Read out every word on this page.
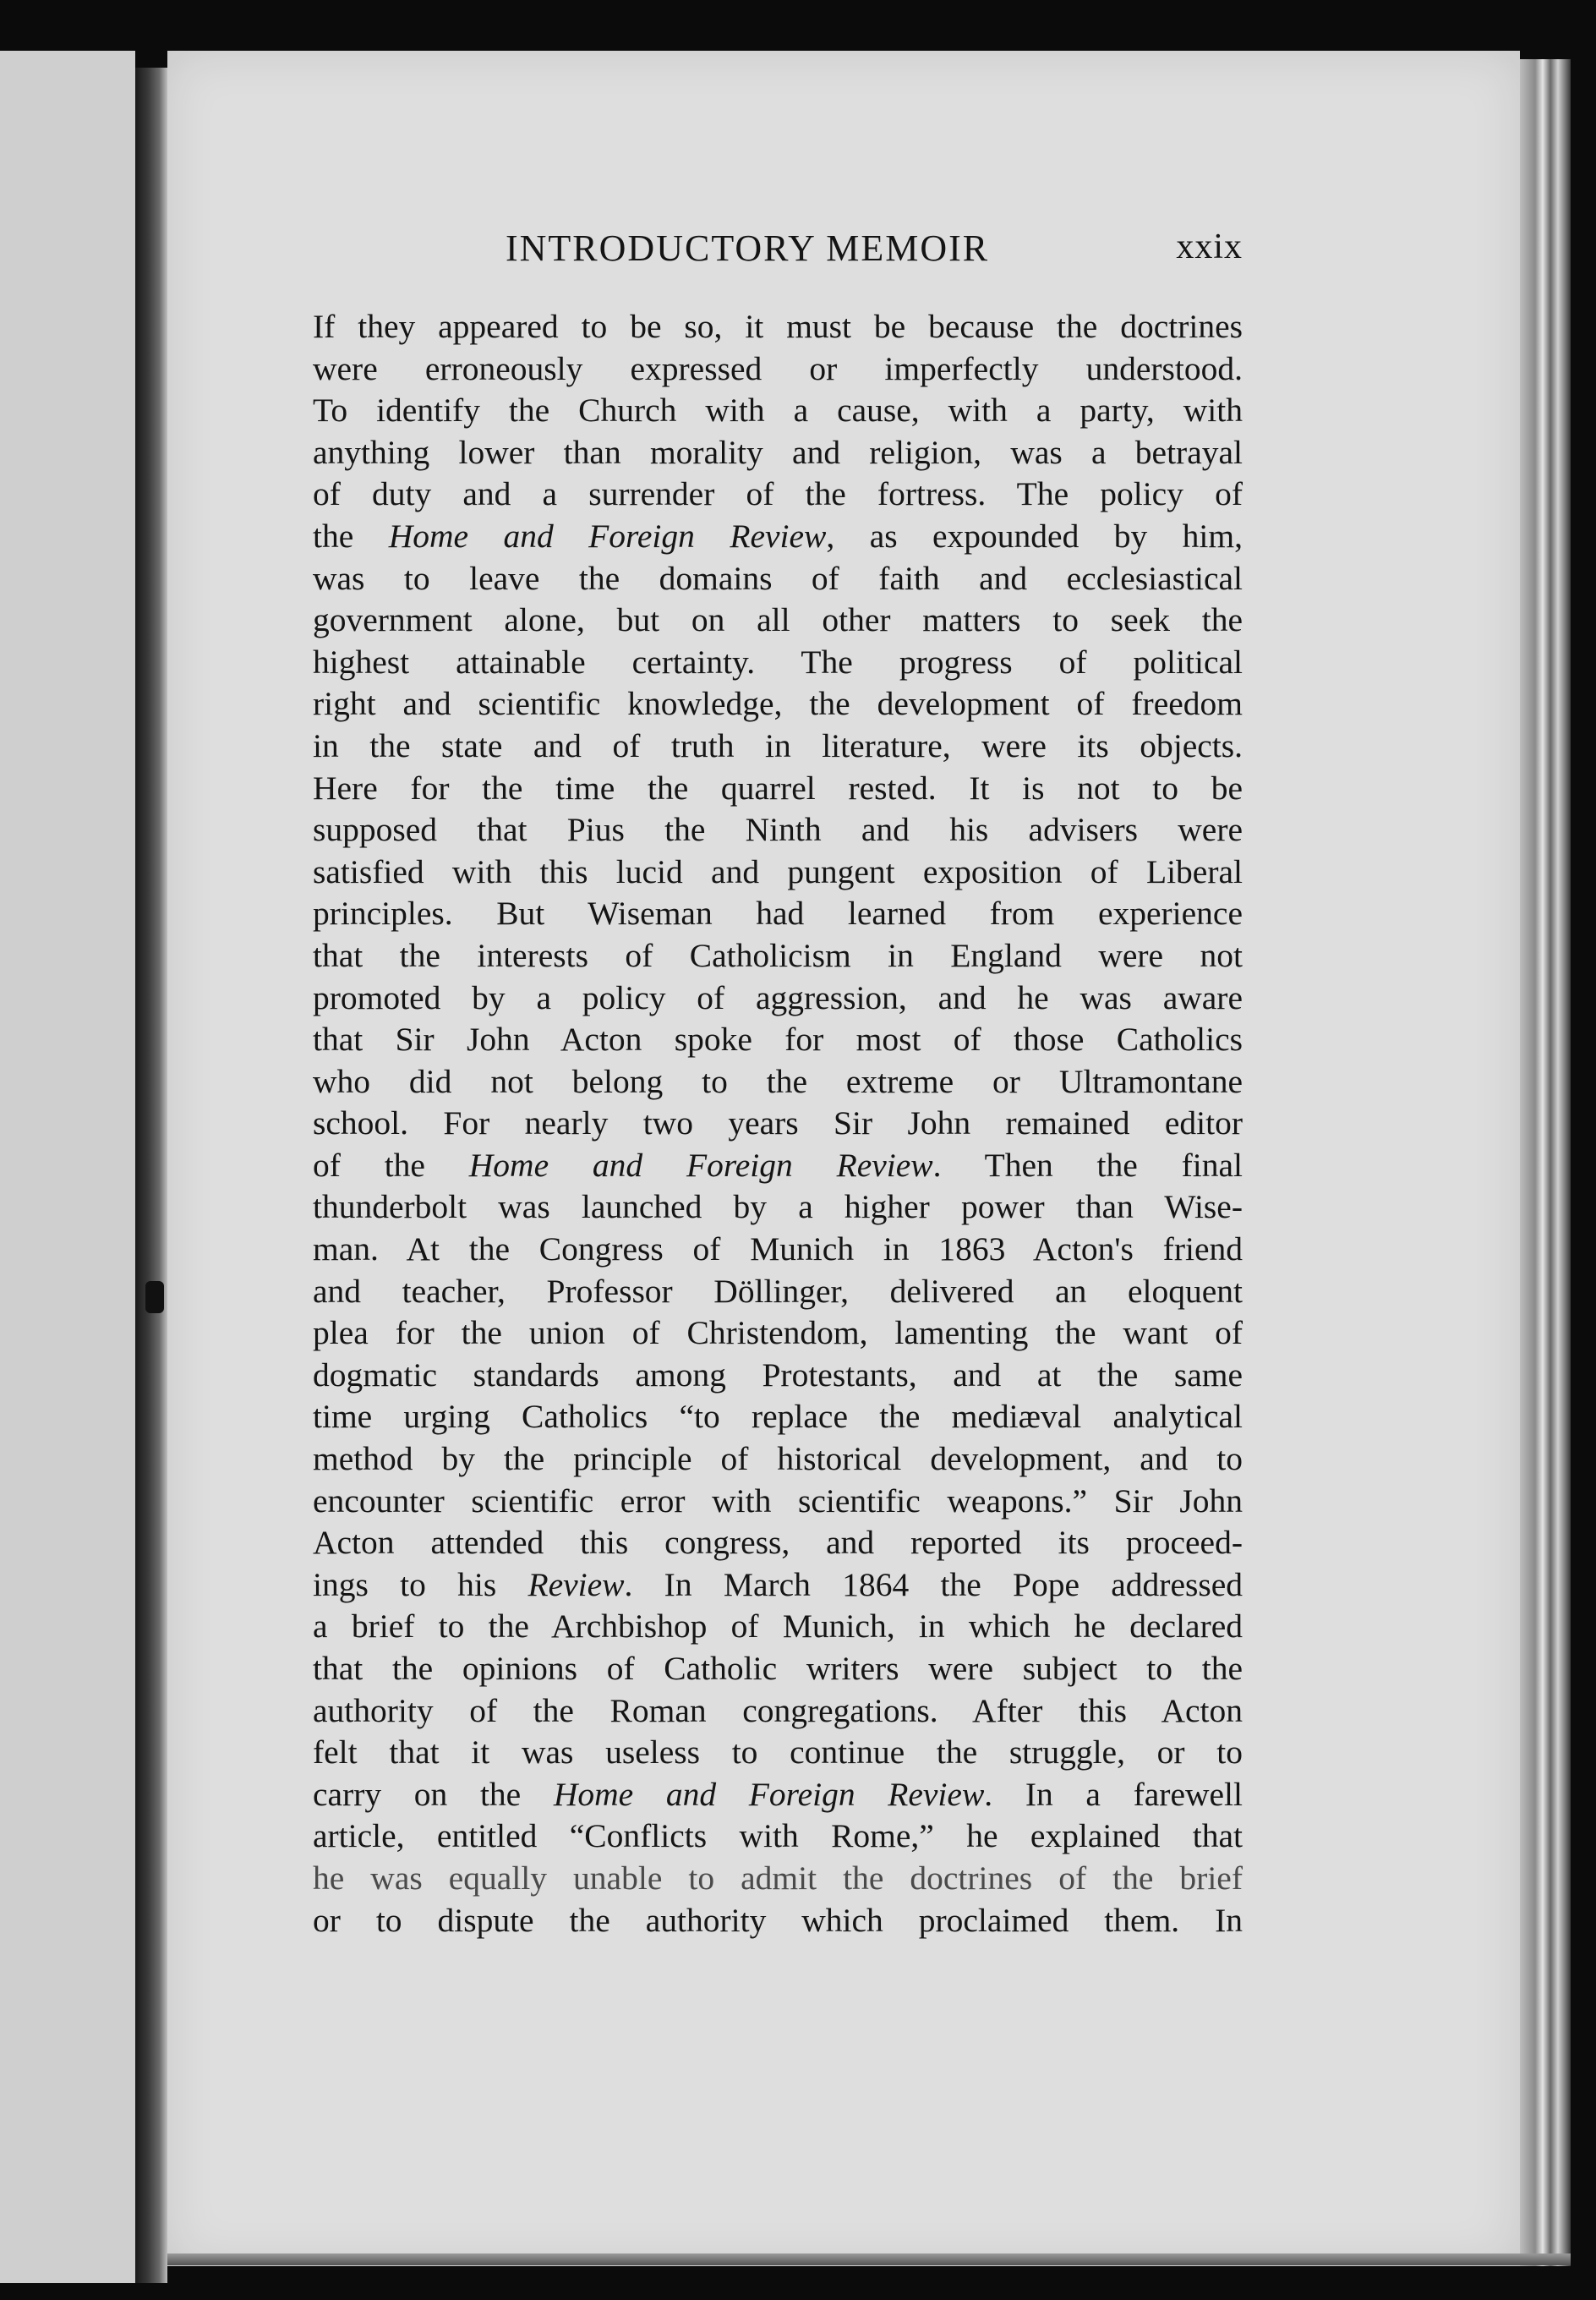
INTRODUCTORY MEMOIR	xxix
If they appeared to be so, it must be because the doctrines
were erroneously expressed or imperfectly understood.
To identify the Church with a cause, with a party, with
anything lower than morality and religion, was a betrayal
of duty and a surrender of the fortress. The policy of
the Home and Foreign Review, as expounded by him,
was to leave the domains of faith and ecclesiastical
government alone, but on all other matters to seek the
highest attainable certainty. The progress of political
right and scientific knowledge, the development of freedom
in the state and of truth in literature, were its objects.
Here for the time the quarrel rested. It is not to be
supposed that Pius the Ninth and his advisers were
satisfied with this lucid and pungent exposition of Liberal
principles. But Wiseman had learned from experience
that the interests of Catholicism in England were not
promoted by a policy of aggression, and he was aware
that Sir John Acton spoke for most of those Catholics
who did not belong to the extreme or Ultramontane
school. For nearly two years Sir John remained editor
of the Home and Foreign Review. Then the final
thunderbolt was launched by a higher power than Wise-
man. At the Congress of Munich in 1863 Acton's friend
and teacher, Professor Döllinger, delivered an eloquent
plea for the union of Christendom, lamenting the want of
dogmatic standards among Protestants, and at the same
time urging Catholics “to replace the mediæval analytical
method by the principle of historical development, and to
encounter scientific error with scientific weapons.” Sir John
Acton attended this congress, and reported its proceed-
ings to his Review. In March 1864 the Pope addressed
a brief to the Archbishop of Munich, in which he declared
that the opinions of Catholic writers were subject to the
authority of the Roman congregations. After this Acton
felt that it was useless to continue the struggle, or to
carry on the Home and Foreign Review. In a farewell
article, entitled “Conflicts with Rome,” he explained that
he was equally unable to admit the doctrines of the brief
or to dispute the authority which proclaimed them. In
